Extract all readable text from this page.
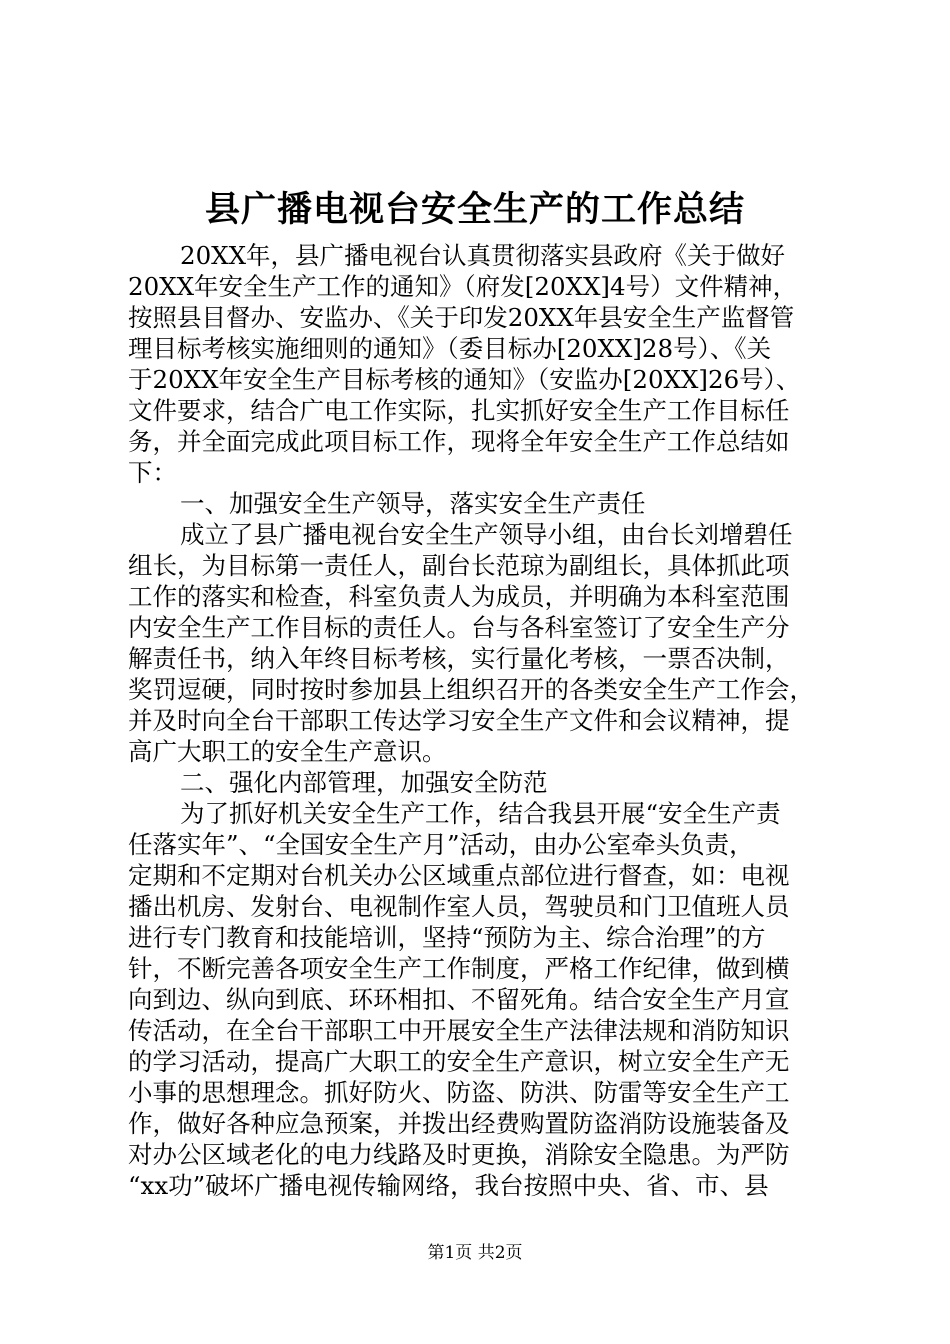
县广播电视台安全生产的工作总结

20XX年，县广播电视台认真贯彻落实县政府《关于做好

20XX年安全生产工作的通知》（府发[20XX]4号）文件精神，

按照县目督办、安监办、《关于印发20XX年县安全生产监督管

理目标考核实施细则的通知》（委目标办[20XX]28号）、《关

于20XX年安全生产目标考核的通知》（安监办[20XX]26号）、

文件要求，结合广电工作实际，扎实抓好安全生产工作目标任

务，并全面完成此项目标工作，现将全年安全生产工作总结如

下：

一、加强安全生产领导，落实安全生产责任

成立了县广播电视台安全生产领导小组，由台长刘增碧任

组长，为目标第一责任人，副台长范琼为副组长，具体抓此项

工作的落实和检查，科室负责人为成员，并明确为本科室范围

内安全生产工作目标的责任人。台与各科室签订了安全生产分

解责任书，纳入年终目标考核，实行量化考核，一票否决制，

奖罚逗硬，同时按时参加县上组织召开的各类安全生产工作会，

并及时向全台干部职工传达学习安全生产文件和会议精神，提

高广大职工的安全生产意识。

二、强化内部管理，加强安全防范

为了抓好机关安全生产工作，结合我县开展“安全生产责

任落实年”、“全国安全生产月”活动，由办公室牵头负责，

定期和不定期对台机关办公区域重点部位进行督查，如：电视

播出机房、发射台、电视制作室人员，驾驶员和门卫值班人员

进行专门教育和技能培训，坚持“预防为主、综合治理”的方

针，不断完善各项安全生产工作制度，严格工作纪律，做到横

向到边、纵向到底、环环相扣、不留死角。结合安全生产月宣

传活动，在全台干部职工中开展安全生产法律法规和消防知识

的学习活动，提高广大职工的安全生产意识，树立安全生产无

小事的思想理念。抓好防火、防盗、防洪、防雷等安全生产工

作，做好各种应急预案，并拨出经费购置防盗消防设施装备及

对办公区域老化的电力线路及时更换，消除安全隐患。为严防

“xx功”破坏广播电视传输网络，我台按照中央、省、市、县

第1页 共2页
